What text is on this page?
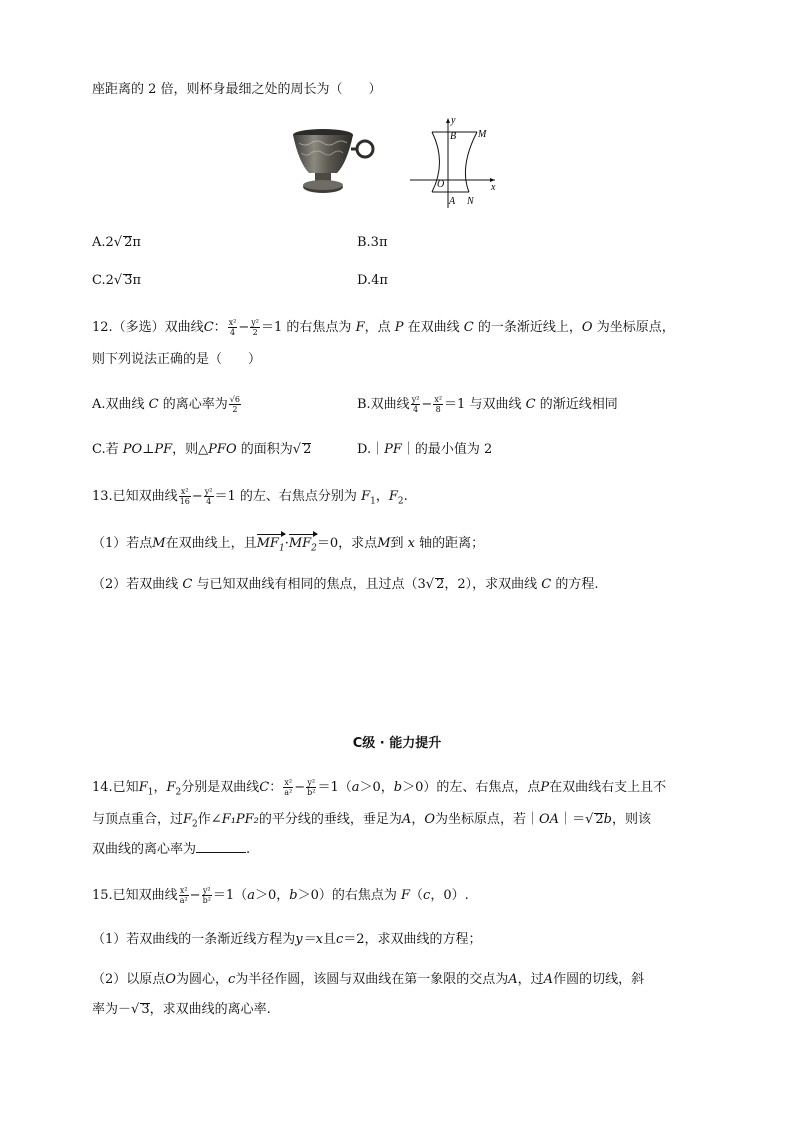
座距离的 2 倍，则杯身最细之处的周长为（　　）
y
B M
O	x
A N
A.2√ 2π	B.3π
C.2√ 3π	D.4π
12.（多选）双曲线C： $\frac{\text{x²}}{4} - \frac{\text{y²}}{2} =1$ 的右焦点为 F，点 P 在双曲线 C 的一条渐近线上，O 为坐标原点，
则下列说法正确的是（　　）
A.双曲线 C 的离心率为 $\frac{√6}{2}$	B.双曲线 $\frac{\text{y²}}{4} - \frac{\text{x²}}{8} =1$ 与双曲线 C 的渐近线相同
C.若 PO⊥PF，则△PFO 的面积为√ 2	D.｜PF｜的最小值为 2
13.已知双曲线 $\frac{\text{x²}}{16} - \frac{\text{y²}}{4} =1$ 的左、右焦点分别为 $F_1$，$F_2$.
（1）若点M在双曲线上，且$MF_1\cdot MF_2=0$，求点M到 x 轴的距离；
（2）若双曲线 C 与已知双曲线有相同的焦点，且过点（3√ 2，2），求双曲线 C 的方程.
C级 · 能力提升
14.已知$F_1$，$F_2$分别是双曲线C： $\frac{\text{x²}}{\text{a²}} - \frac{\text{y²}}{\text{b²}} =1(a>0$，b＞0）的左、右焦点，点P在双曲线右支上且不
与顶点重合，过$F_2$作∠F₁PF₂的平分线的垂线，垂足为A，O为坐标原点，若｜OA｜＝√ 2b，则该
双曲线的离心率为	.
15.已知双曲线 $\frac{\text{x²}}{\text{a²}} - \frac{\text{y²}}{\text{b²}} =1(a>0$，b＞0）的右焦点为 F（c，0）.
（1）若双曲线的一条渐近线方程为y＝x且c＝2，求双曲线的方程；
（2）以原点O为圆心，c为半径作圆，该圆与双曲线在第一象限的交点为A，过A作圆的切线，斜
率为－√ 3，求双曲线的离心率.
